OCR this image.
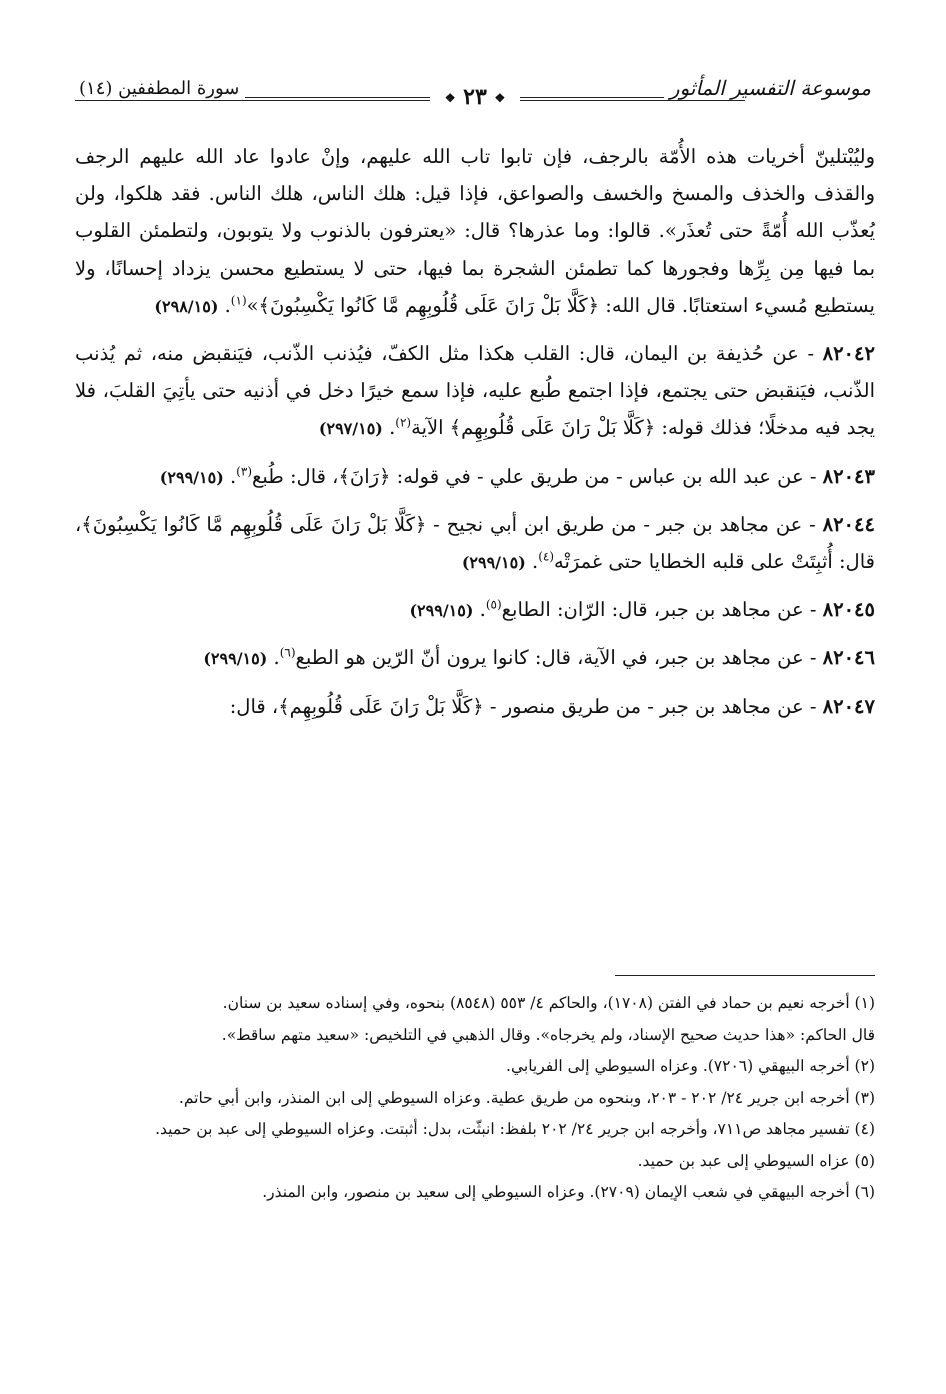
سورة المطففين (١٤)	❖ ٢٣ ❖	موسوعة التفسير المأثور

وليُبْتلينّ أخريات هذه الأُمّة بالرجف، فإن تابوا تاب الله عليهم، وإنْ عادوا عاد الله عليهم الرجف والقذف والخذف والمسخ والخسف والصواعق، فإذا قيل: هلك الناس، هلك الناس. فقد هلكوا، ولن يُعذّب الله أُمّةً حتى تُعذَر». قالوا: وما عذرها؟ قال: «يعترفون بالذنوب ولا يتوبون، ولتطمئن القلوب بما فيها مِن بِرِّها وفجورها كما تطمئن الشجرة بما فيها، حتى لا يستطيع محسن يزداد إحسانًا، ولا يستطيع مُسيء استعتابًا. قال الله: ﴿كَلَّا بَلْ رَانَ عَلَى قُلُوبِهِم مَّا كَانُوا يَكْسِبُونَ﴾»$^{(١)}$. (٢٩٨/١٥)

٨٢٠٤٢ - عن حُذيفة بن اليمان، قال: القلب هكذا مثل الكفّ، فيُذنب الذّنب، فيَنقبض منه، ثم يُذنب الذّنب، فيَنقبض حتى يجتمع، فإذا اجتمع طُبع عليه، فإذا سمع خيرًا دخل في أذنيه حتى يأتِيَ القلبَ، فلا يجد فيه مدخلًا؛ فذلك قوله: ﴿كَلَّا بَلْ رَانَ عَلَى قُلُوبِهِم﴾ الآية$^{(٢)}$. (٢٩٧/١٥)

٨٢٠٤٣ - عن عبد الله بن عباس - من طريق علي - في قوله: ﴿رَانَ﴾، قال: طُبع$^{(٣)}$. (٢٩٩/١٥)

٨٢٠٤٤ - عن مجاهد بن جبر - من طريق ابن أبي نجيح - ﴿كَلَّا بَلْ رَانَ عَلَى قُلُوبِهِم مَّا كَانُوا يَكْسِبُونَ﴾، قال: أُثبِتَتْ على قلبه الخطايا حتى غمرَتْه$^{(٤)}$. (٢٩٩/١٥)

٨٢٠٤٥ - عن مجاهد بن جبر، قال: الرّان: الطابع$^{(٥)}$. (٢٩٩/١٥)

٨٢٠٤٦ - عن مجاهد بن جبر، في الآية، قال: كانوا يرون أنّ الرّين هو الطبع$^{(٦)}$. (٢٩٩/١٥)

٨٢٠٤٧ - عن مجاهد بن جبر - من طريق منصور - ﴿كَلَّا بَلْ رَانَ عَلَى قُلُوبِهِم﴾، قال:

(١) أخرجه نعيم بن حماد في الفتن (١٧٠٨)، والحاكم ٤/ ٥٥٣ (٨٥٤٨) بنحوه، وفي إسناده سعيد بن سنان.

قال الحاكم: «هذا حديث صحيح الإسناد، ولم يخرجاه». وقال الذهبي في التلخيص: «سعيد متهم ساقط».

(٢) أخرجه البيهقي (٧٢٠٦). وعزاه السيوطي إلى الفريابي.

(٣) أخرجه ابن جرير ٢٤/ ٢٠٢ - ٢٠٣، وبنحوه من طريق عطية. وعزاه السيوطي إلى ابن المنذر، وابن أبي حاتم.

(٤) تفسير مجاهد ص٧١١، وأخرجه ابن جرير ٢٤/ ٢٠٢ بلفظ: انبثّت، بدل: أثبتت. وعزاه السيوطي إلى عبد بن حميد.

(٥) عزاه السيوطي إلى عبد بن حميد.

(٦) أخرجه البيهقي في شعب الإيمان (٢٧٠٩). وعزاه السيوطي إلى سعيد بن منصور، وابن المنذر.
